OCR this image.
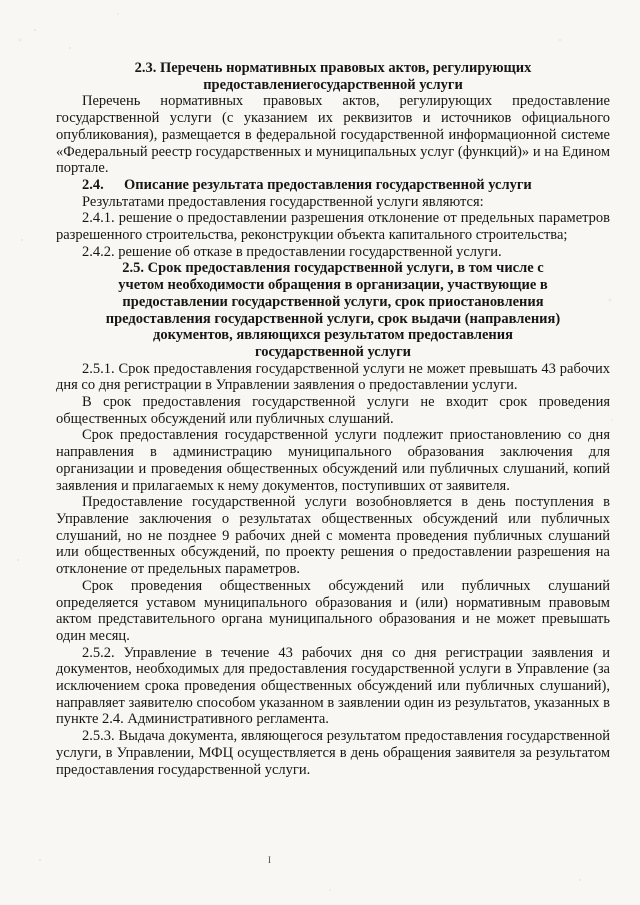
2.3. Перечень нормативных правовых актов, регулирующих

предоставлениегосударственной услуги

Перечень нормативных правовых актов, регулирующих предоставление государственной услуги (с указанием их реквизитов и источников официального опубликования), размещается в федеральной государственной информационной системе «Федеральный реестр государственных и муниципальных услуг (функций)» и на Едином портале.

2.4. Описание результата предоставления государственной услуги

Результатами предоставления государственной услуги являются:

2.4.1. решение о предоставлении разрешения отклонение от предельных параметров разрешенного строительства, реконструкции объекта капитального строительства;

2.4.2. решение об отказе в предоставлении государственной услуги.

2.5. Срок предоставления государственной услуги, в том числе с

учетом необходимости обращения в организации, участвующие в

предоставлении государственной услуги, срок приостановления

предоставления государственной услуги, срок выдачи (направления)

документов, являющихся результатом предоставления

государственной услуги

2.5.1. Срок предоставления государственной услуги не может превышать 43 рабочих дня со дня регистрации в Управлении заявления о предоставлении услуги.

В срок предоставления государственной услуги не входит срок проведения общественных обсуждений или публичных слушаний.

Срок предоставления государственной услуги подлежит приостановлению со дня направления в администрацию муниципального образования заключения для организации и проведения общественных обсуждений или публичных слушаний, копий заявления и прилагаемых к нему документов, поступивших от заявителя.

Предоставление государственной услуги возобновляется в день поступления в Управление заключения о результатах общественных обсуждений или публичных слушаний, но не позднее 9 рабочих дней с момента проведения публичных слушаний или общественных обсуждений, по проекту решения о предоставлении разрешения на отклонение от предельных параметров.

Срок проведения общественных обсуждений или публичных слушаний определяется уставом муниципального образования и (или) нормативным правовым актом представительного органа муниципального образования и не может превышать один месяц.

2.5.2. Управление в течение 43 рабочих дня со дня регистрации заявления и документов, необходимых для предоставления государственной услуги в Управление (за исключением срока проведения общественных обсуждений или публичных слушаний), направляет заявителю способом указанном в заявлении один из результатов, указанных в пункте 2.4. Административного регламента.

2.5.3. Выдача документа, являющегося результатом предоставления государственной услуги, в Управлении, МФЦ осуществляется в день обращения заявителя за результатом предоставления государственной услуги.

I
